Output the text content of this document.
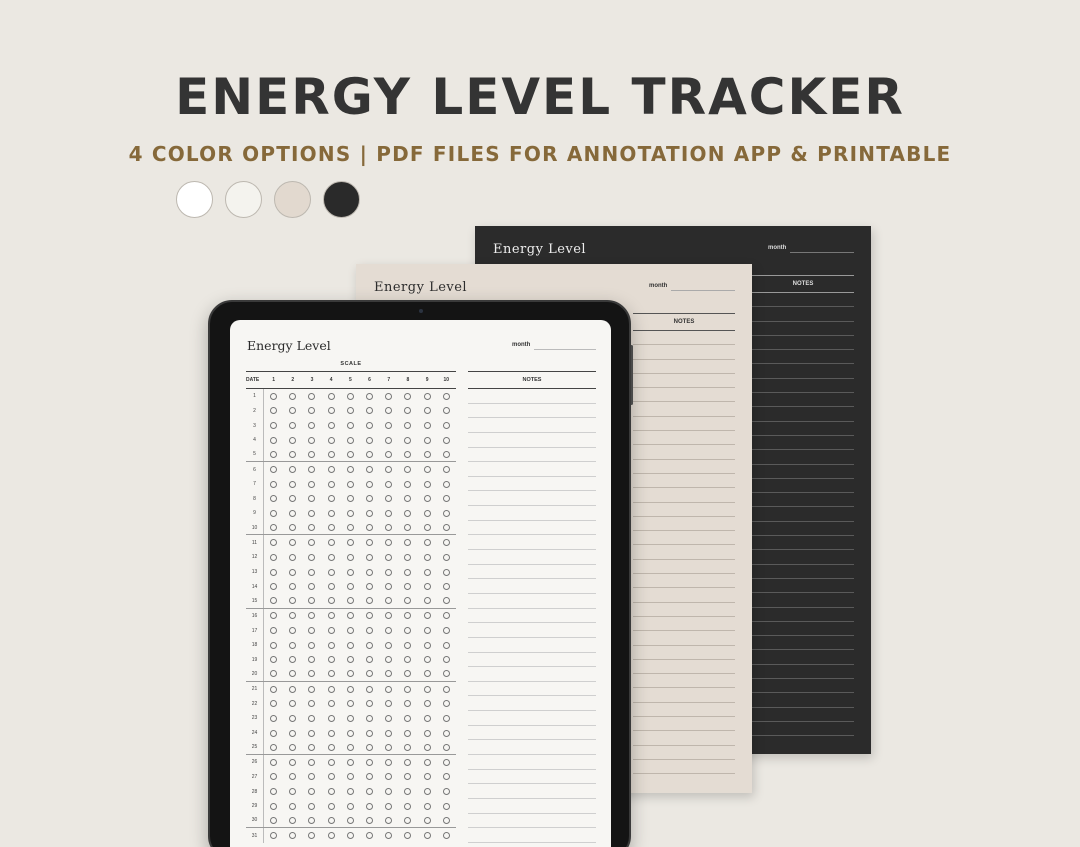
ENERGY LEVEL TRACKER
4 COLOR OPTIONS | PDF FILES FOR ANNOTATION APP & PRINTABLE
Energy Level	month
NOTES
Energy Level	month
NOTES
Energy Level	month
SCALE
DATE	1	2	3	4	5	6	7	8	9	10
1
2
3
4
5
6
7
8
9
10
11
12
13
14
15
16
17
18
19
20
21
22
23
24
25
26
27
28
29
30
31
NOTES
